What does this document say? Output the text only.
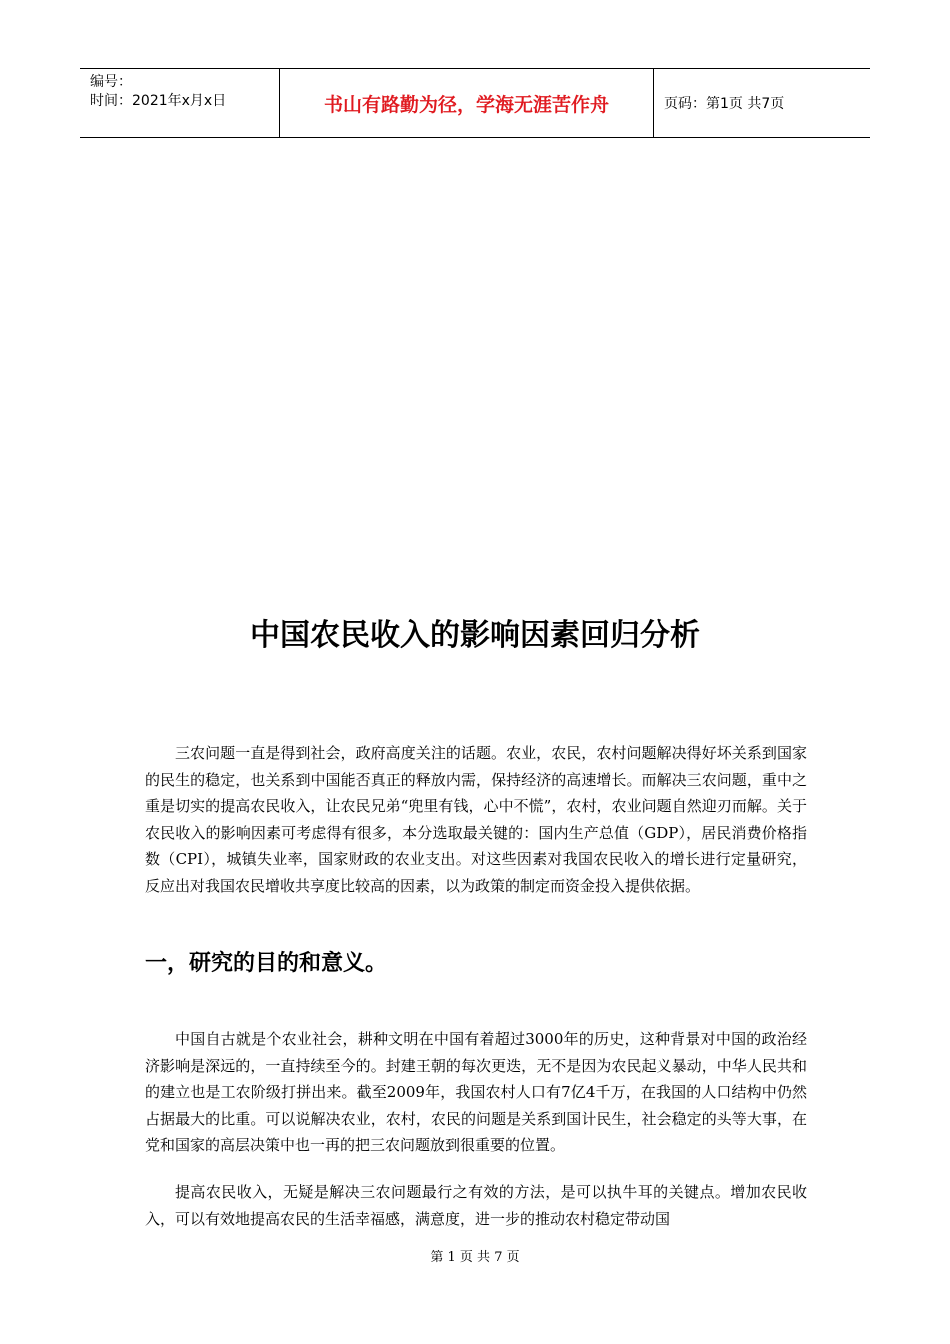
编号：
时间：2021年x月x日	书山有路勤为径，学海无涯苦作舟	页码：第1页 共7页
中国农民收入的影响因素回归分析

三农问题一直是得到社会，政府高度关注的话题。农业，农民，农村问题解决得好坏关系到国家的民生的稳定，也关系到中国能否真正的释放内需，保持经济的高速增长。而解决三农问题，重中之重是切实的提高农民收入，让农民兄弟“兜里有钱，心中不慌”，农村，农业问题自然迎刃而解。关于农民收入的影响因素可考虑得有很多，本分选取最关键的：国内生产总值（GDP），居民消费价格指数（CPI），城镇失业率，国家财政的农业支出。对这些因素对我国农民收入的增长进行定量研究，反应出对我国农民增收共享度比较高的因素，以为政策的制定而资金投入提供依据。

一，研究的目的和意义。

中国自古就是个农业社会，耕种文明在中国有着超过3000年的历史，这种背景对中国的政治经济影响是深远的，一直持续至今的。封建王朝的每次更迭，无不是因为农民起义暴动，中华人民共和的建立也是工农阶级打拼出来。截至2009年，我国农村人口有7亿4千万，在我国的人口结构中仍然占据最大的比重。可以说解决农业，农村，农民的问题是关系到国计民生，社会稳定的头等大事，在党和国家的高层决策中也一再的把三农问题放到很重要的位置。

提高农民收入，无疑是解决三农问题最行之有效的方法，是可以执牛耳的关键点。增加农民收入，可以有效地提高农民的生活幸福感，满意度，进一步的推动农村稳定带动国

第 1 页 共 7 页
